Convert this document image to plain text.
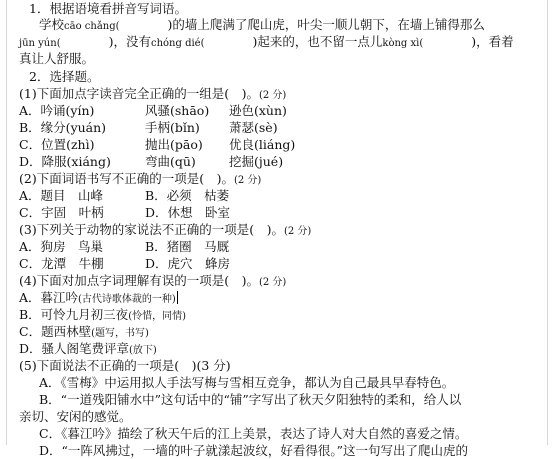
1．根据语境看拼音写词语。
学校cāo chǎng(	)的墙上爬满了爬山虎，叶尖一顺儿朝下，在墙上铺得那么
jūn yún(	)，没有chóng dié(	)起来的，也不留一点儿kòng xì(	)，看着
真让人舒服。
2．选择题。
(1)下面加点字读音完全正确的一组是(　)。(2 分)
A．吟诵(yín)	风骚(shāo) 逊色(xùn)
B．缘分(yuán)	手柄(bǐn) 萧瑟(sè)
C．位置(zhì)	抛出(pāo) 优良(liáng)
D．降服(xiáng)	弯曲(qū)	挖掘(jué)
(2)下面词语书写不正确的一项是(　)。(2 分)
A．题目　山峰	B．必须　枯萎
C．宇固　叶柄	D．休想　卧室
(3)下列关于动物的家说法不正确的一项是(　)。(2 分)
A．狗房　鸟巢	B．猪圈　马厩
C．龙潭　牛棚	D．虎穴　蜂房
(4)下面对加点字词理解有误的一项是(　)。(2 分)
A．暮江吟(古代诗歌体裁的一种)
B．可怜九月初三夜(怜惜，同情)
C．题西林壁(题写，书写)
D．骚人阁笔费评章(放下)
(5)下面说法不正确的一项是(　)(3 分)
A．《雪梅》中运用拟人手法写梅与雪相互竞争，都认为自己最具早春特色。
B．“一道残阳铺水中”这句话中的“铺”字写出了秋天夕阳独特的柔和，给人以
亲切、安闲的感觉。
C．《暮江吟》描绘了秋天午后的江上美景，表达了诗人对大自然的喜爱之情。
D．“一阵风拂过，一墙的叶子就漾起波纹，好看得很。”这一句写出了爬山虎的
